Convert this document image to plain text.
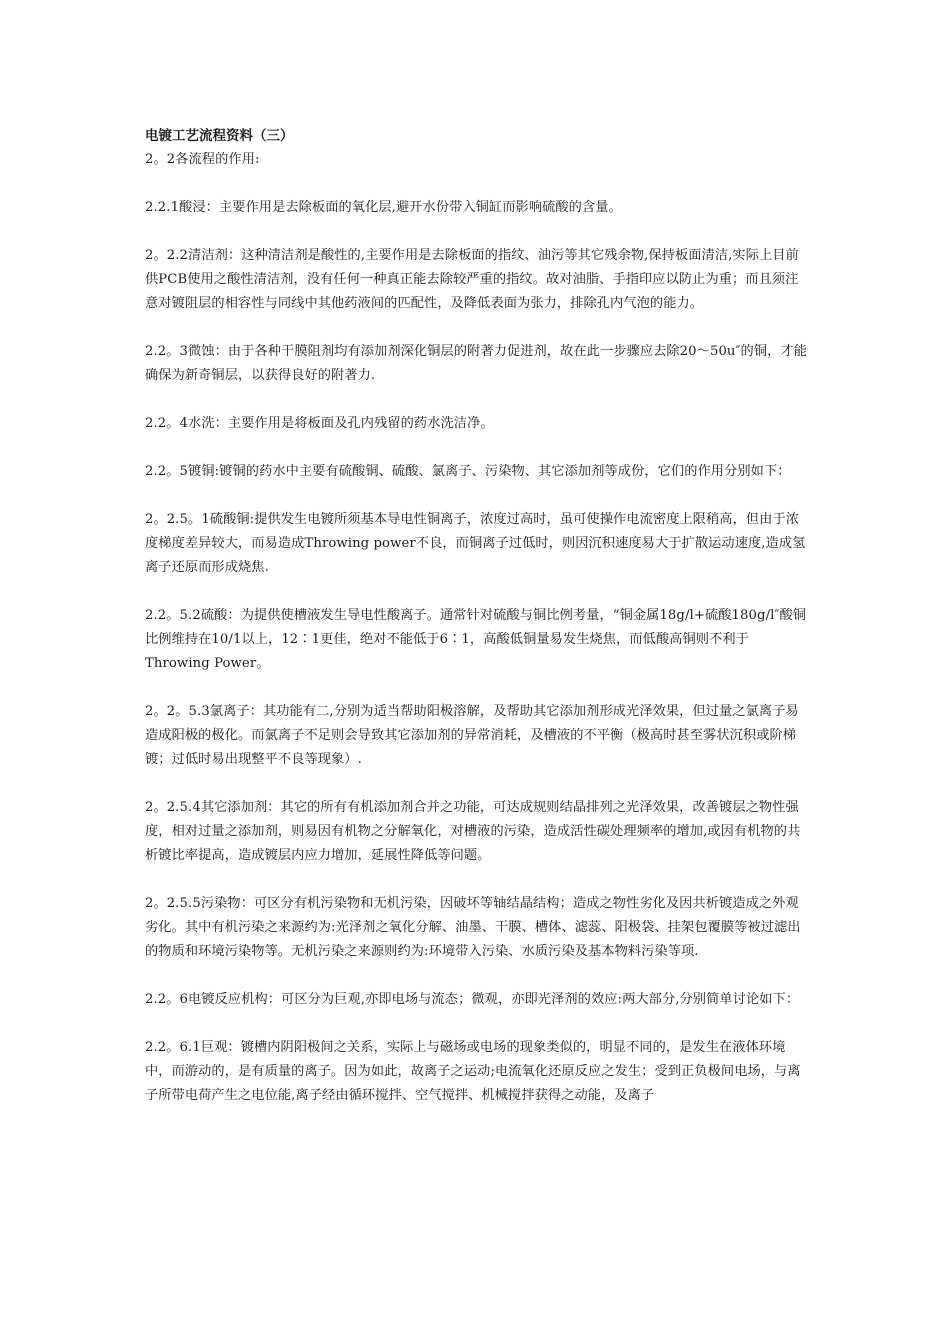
电镀工艺流程资料（三）

2。2各流程的作用:

2.2.1酸浸：主要作用是去除板面的氧化层,避开水份带入铜缸而影响硫酸的含量。

2。2.2清洁剂：这种清洁剂是酸性的,主要作用是去除板面的指纹、油污等其它残余物,保持板面清洁,实际上目前供PCB使用之酸性清洁剂，没有任何一种真正能去除较严重的指纹。故对油脂、手指印应以防止为重；而且须注意对镀阻层的相容性与同线中其他药液间的匹配性，及降低表面为张力，排除孔内气泡的能力。

2.2。3微蚀：由于各种干膜阻剂均有添加剂深化铜层的附著力促进剂，故在此一步骤应去除20～50u″的铜，才能确保为新奇铜层，以获得良好的附著力.

2.2。4水洗：主要作用是将板面及孔内残留的药水洗洁净。

2.2。5镀铜:镀铜的药水中主要有硫酸铜、硫酸、氯离子、污染物、其它添加剂等成份，它们的作用分别如下：

2。2.5。1硫酸铜:提供发生电镀所须基本导电性铜离子，浓度过高时，虽可使操作电流密度上限稍高，但由于浓度梯度差异较大，而易造成Throwing power不良，而铜离子过低时，则因沉积速度易大于扩散运动速度,造成氢离子还原而形成烧焦.

2.2。5.2硫酸：为提供使槽液发生导电性酸离子。通常针对硫酸与铜比例考量，“铜金属18g/l+硫酸180g/l″酸铜比例维持在10/1以上，12∶1更佳，绝对不能低于6∶1，高酸低铜量易发生烧焦，而低酸高铜则不利于Throwing Power。

2。2。5.3氯离子：其功能有二,分别为适当帮助阳极溶解，及帮助其它添加剂形成光泽效果，但过量之氯离子易造成阳极的极化。而氯离子不足则会导致其它添加剂的异常消耗，及槽液的不平衡（极高时甚至雾状沉积或阶梯镀；过低时易出现整平不良等现象）.

2。2.5.4其它添加剂：其它的所有有机添加剂合并之功能，可达成规则结晶排列之光泽效果，改善镀层之物性强度，相对过量之添加剂，则易因有机物之分解氧化，对槽液的污染，造成活性碳处理频率的增加,或因有机物的共析镀比率提高，造成镀层内应力增加，延展性降低等问题。

2。2.5.5污染物：可区分有机污染物和无机污染，因破坏等轴结晶结构；造成之物性劣化及因共析镀造成之外观劣化。其中有机污染之来源约为:光泽剂之氧化分解、油墨、干膜、槽体、滤蕊、阳极袋、挂架包覆膜等被过滤出的物质和环境污染物等。无机污染之来源则约为:环境带入污染、水质污染及基本物料污染等项.

2.2。6电镀反应机构：可区分为巨观,亦即电场与流态；微观，亦即光泽剂的效应:两大部分,分别简单讨论如下：

2.2。6.1巨观：镀槽内阴阳极间之关系，实际上与磁场或电场的现象类似的，明显不同的，是发生在液体环境中，而游动的，是有质量的离子。因为如此，故离子之运动;电流氧化还原反应之发生；受到正负极间电场，与离子所带电荷产生之电位能,离子经由循环搅拌、空气搅拌、机械搅拌获得之动能，及离子
